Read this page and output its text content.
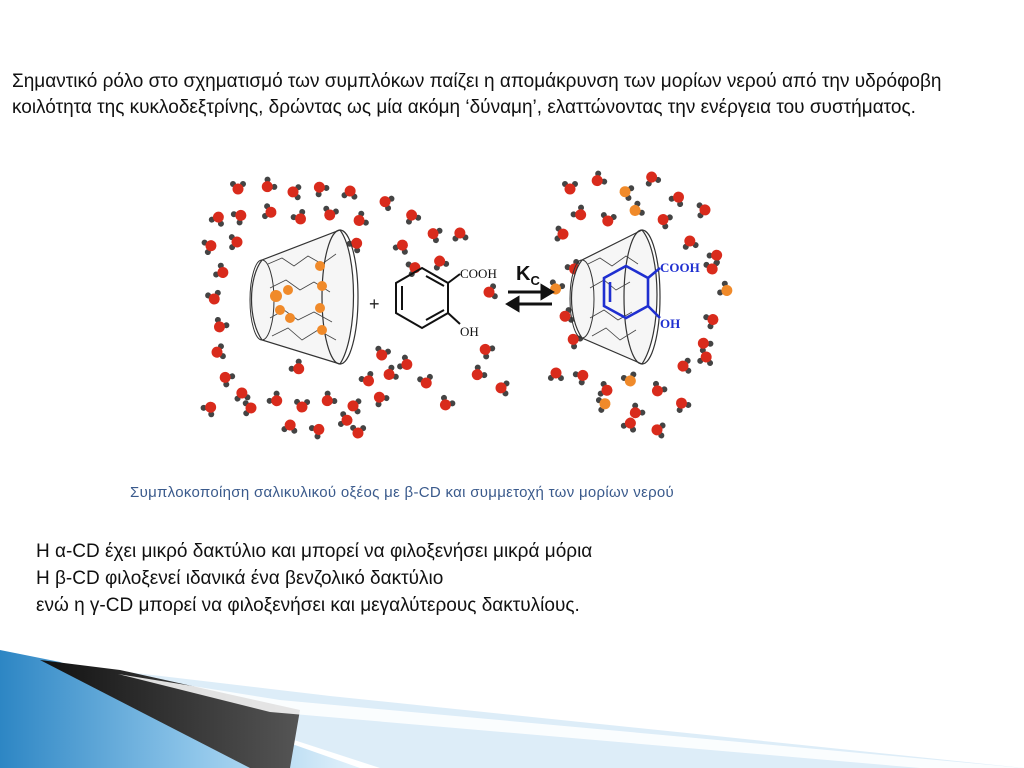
Σημαντικό ρόλο στο σχηματισμό των συμπλόκων παίζει η απομάκρυνση των μορίων νερού από την υδρόφοβη κοιλότητα της κυκλοδεξτρίνης, δρώντας ως μία ακόμη ‘δύναμη’, ελαττώνοντας την ενέργεια του συστήματος.

+
COOH
OH
$K_C$
COOH
OH
Συμπλοκοποίηση σαλικυλικού οξέος με β-CD και συμμετοχή των μορίων νερού
Η α-CD έχει μικρό δακτύλιο και μπορεί να φιλοξενήσει μικρά μόρια
Η β-CD φιλοξενεί ιδανικά ένα βενζολικό δακτύλιο
ενώ η γ-CD μπορεί να φιλοξενήσει και μεγαλύτερους δακτυλίους.
